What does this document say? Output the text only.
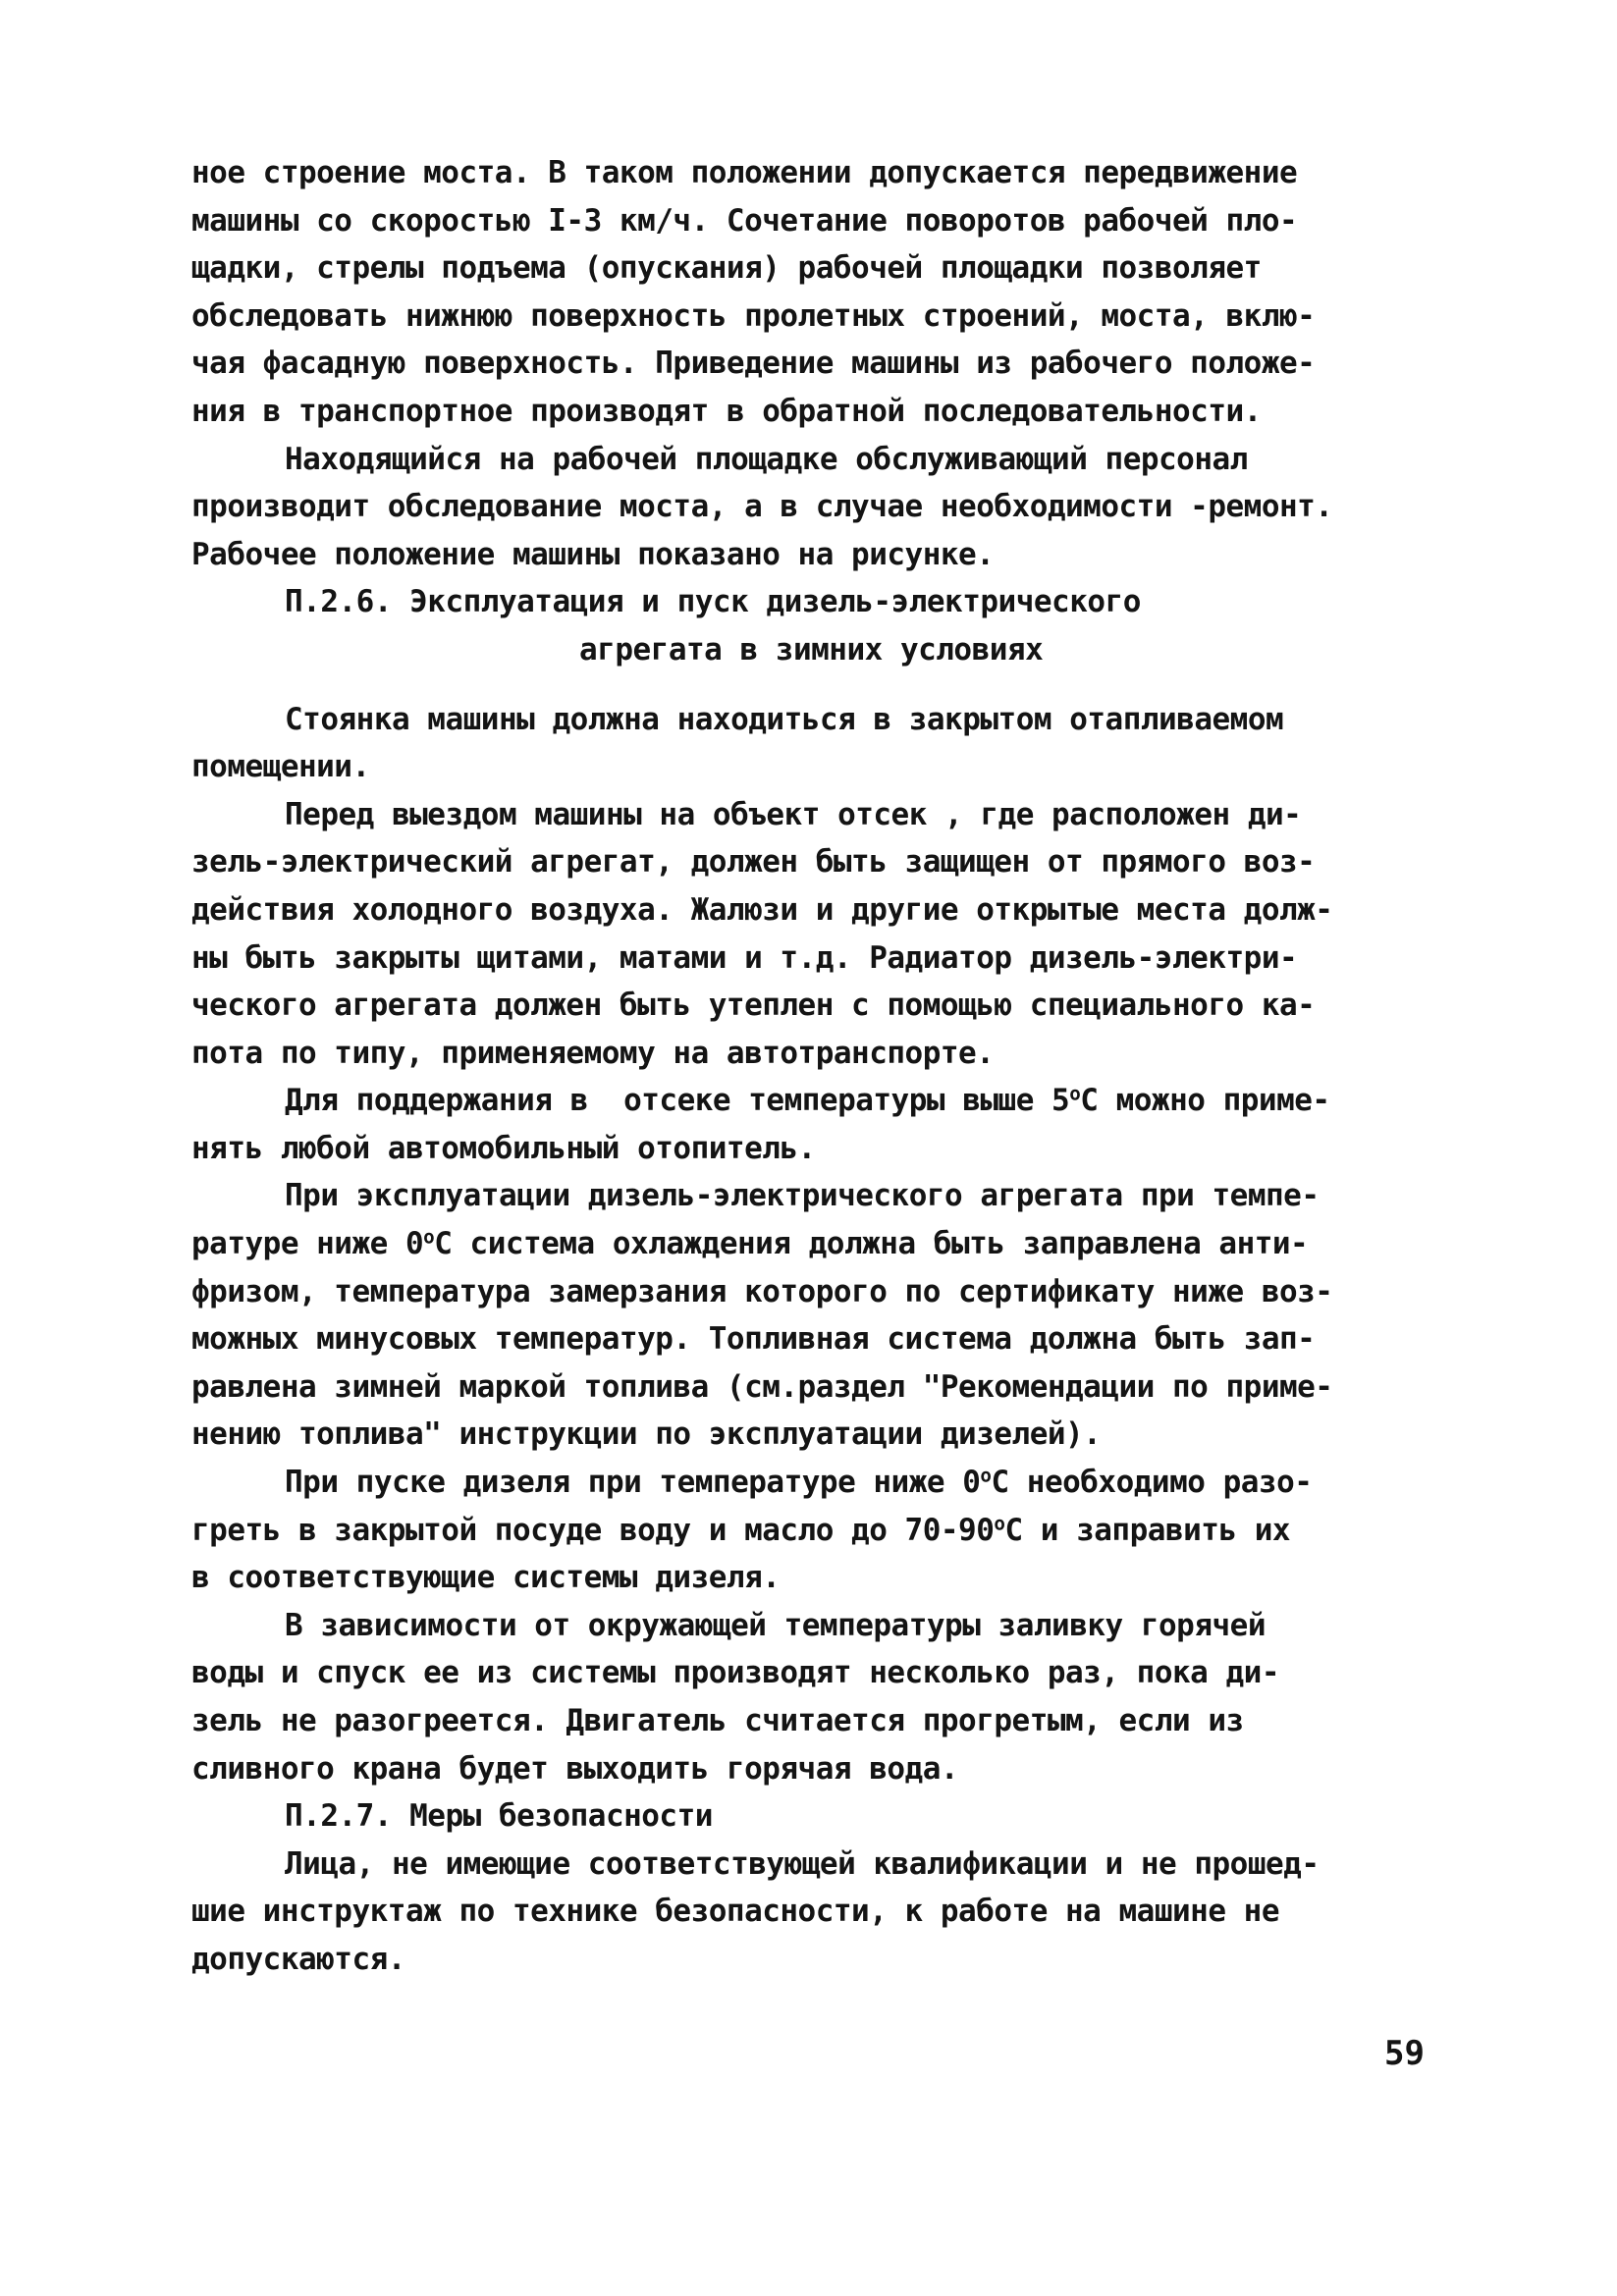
ное строение моста. В таком положении допускается передвижение
машины со скоростью I-3 км/ч. Сочетание поворотов рабочей пло-
щадки, стрелы подъема (опускания) рабочей площадки позволяет
обследовать нижнюю поверхность пролетных строений, моста, вклю-
чая фасадную поверхность. Приведение машины из рабочего положе-
ния в транспортное производят в обратной последовательности.
Находящийся на рабочей площадке обслуживающий персонал
производит обследование моста, а в случае необходимости -ремонт.
Рабочее положение машины показано на рисунке.
П.2.6. Эксплуатация и пуск дизель-электрического
агрегата в зимних условиях
Стоянка машины должна находиться в закрытом отапливаемом
помещении.
Перед выездом машины на объект отсек , где расположен ди-
зель-электрический агрегат, должен быть защищен от прямого воз-
действия холодного воздуха. Жалюзи и другие открытые места долж-
ны быть закрыты щитами, матами и т.д. Радиатор дизель-электри-
ческого агрегата должен быть утеплен с помощью специального ка-
пота по типу, применяемому на автотранспорте.
Для поддержания в  отсеке температуры выше $5^оС$ можно приме-
нять любой автомобильный отопитель.
При эксплуатации дизель-электрического агрегата при темпе-
ратуре ниже $0^оС$ система охлаждения должна быть заправлена анти-
фризом, температура замерзания которого по сертификату ниже воз-
можных минусовых температур. Топливная система должна быть зап-
равлена зимней маркой топлива (см.раздел "Рекомендации по приме-
нению топлива" инструкции по эксплуатации дизелей).
При пуске дизеля при температуре ниже $0^оС$ необходимо разо-
греть в закрытой посуде воду и масло до $70-90^оС$ и заправить их
в соответствующие системы дизеля.
В зависимости от окружающей температуры заливку горячей
воды и спуск ее из системы производят несколько раз, пока ди-
зель не разогреется. Двигатель считается прогретым, если из
сливного крана будет выходить горячая вода.
П.2.7. Меры безопасности
Лица, не имеющие соответствующей квалификации и не прошед-
шие инструктаж по технике безопасности, к работе на машине не
допускаются.
59
